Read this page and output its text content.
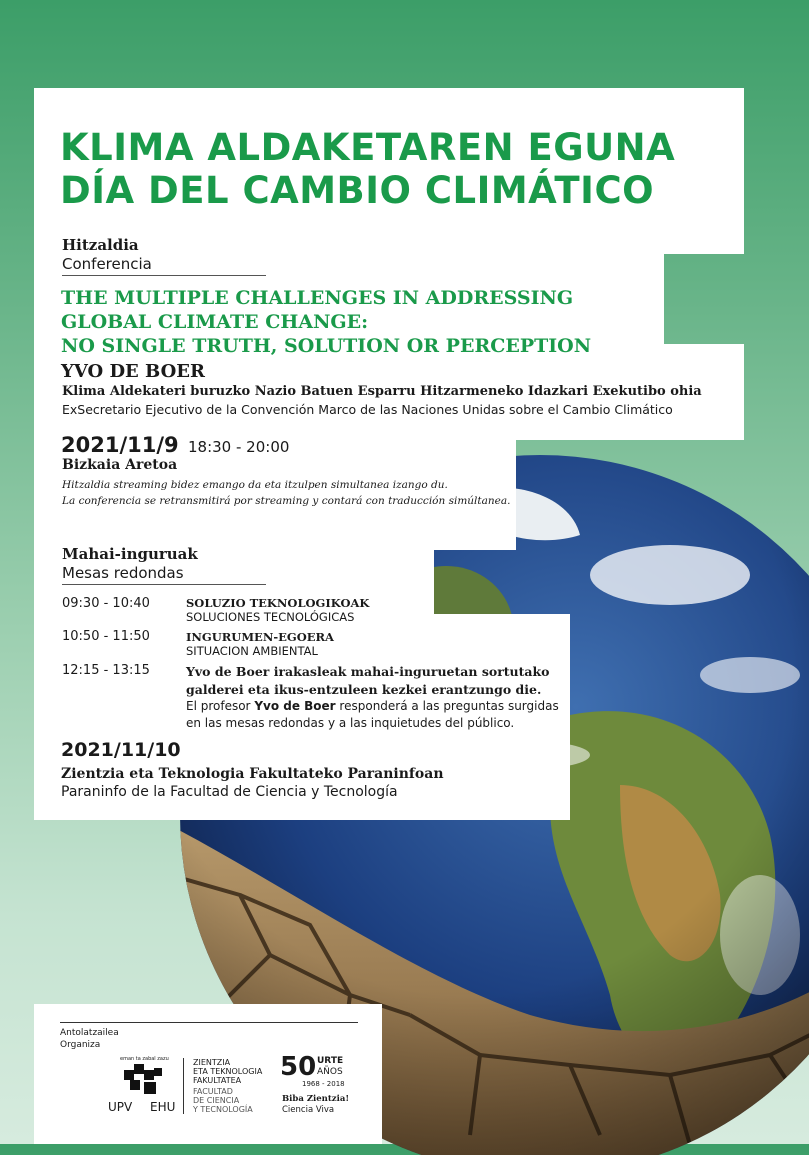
KLIMA ALDAKETAREN EGUNA
DÍA DEL CAMBIO CLIMÁTICO
Hitzaldia
Conferencia
THE MULTIPLE CHALLENGES IN ADDRESSING
GLOBAL CLIMATE CHANGE:
NO SINGLE TRUTH, SOLUTION OR PERCEPTION
YVO DE BOER
Klima Aldekateri buruzko Nazio Batuen Esparru Hitzarmeneko Idazkari Exekutibo ohia
ExSecretario Ejecutivo de la Convención Marco de las Naciones Unidas sobre el Cambio Climático
2021/11/9 18:30 - 20:00
Bizkaia Aretoa
Hitzaldia streaming bidez emango da eta itzulpen simultanea izango du.
La conferencia se retransmitirá por streaming y contará con traducción simúltanea.
Mahai-inguruak
Mesas redondas
09:30 - 10:40	SOLUZIO TEKNOLOGIKOAK
SOLUCIONES TECNOLÓGICAS
10:50 - 11:50	INGURUMEN-EGOERA
SITUACION AMBIENTAL
12:15 - 13:15	Yvo de Boer irakasleak mahai-inguruetan sortutako
galderei eta ikus-entzuleen kezkei erantzungo die.
El profesor Yvo de Boer responderá a las preguntas surgidas
en las mesas redondas y a las inquietudes del público.
2021/11/10
Zientzia eta Teknologia Fakultateko Paraninfoan
Paraninfo de la Facultad de Ciencia y Tecnología
Antolatzailea
Organiza
eman ta zabal zazu
UPV EHU
ZIENTZIA
ETA TEKNOLOGIA
FAKULTATEA
FACULTAD
DE CIENCIA
Y TECNOLOGÍA
50 URTE
AÑOS
1968 - 2018
Biba Zientzia!
Ciencia Viva
